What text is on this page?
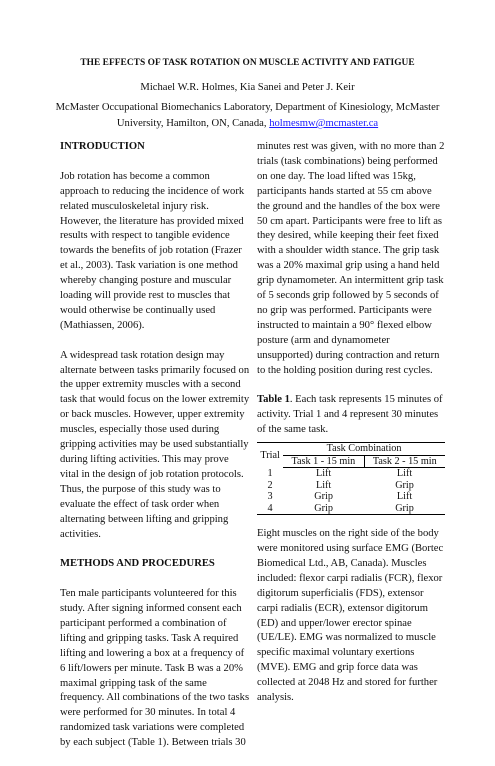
THE EFFECTS OF TASK ROTATION ON MUSCLE ACTIVITY AND FATIGUE
Michael W.R. Holmes, Kia Sanei and Peter J. Keir
McMaster Occupational Biomechanics Laboratory, Department of Kinesiology, McMaster
University, Hamilton, ON, Canada, holmesmw@mcmaster.ca
INTRODUCTION

Job rotation has become a common approach to reducing the incidence of work related musculoskeletal injury risk. However, the literature has provided mixed results with respect to tangible evidence towards the benefits of job rotation (Frazer et al., 2003). Task variation is one method whereby changing posture and muscular loading will provide rest to muscles that would otherwise be continually used (Mathiassen, 2006).

A widespread task rotation design may alternate between tasks primarily focused on the upper extremity muscles with a second task that would focus on the lower extremity or back muscles. However, upper extremity muscles, especially those used during gripping activities may be used substantially during lifting activities. This may prove vital in the design of job rotation protocols. Thus, the purpose of this study was to evaluate the effect of task order when alternating between lifting and gripping activities.

METHODS AND PROCEDURES

Ten male participants volunteered for this study. After signing informed consent each participant performed a combination of lifting and gripping tasks. Task A required lifting and lowering a box at a frequency of 6 lift/lowers per minute. Task B was a 20% maximal gripping task of the same frequency. All combinations of the two tasks were performed for 30 minutes. In total 4 randomized task variations were completed by each subject (Table 1). Between trials 30

minutes rest was given, with no more than 2 trials (task combinations) being performed on one day. The load lifted was 15kg, participants hands started at 55 cm above the ground and the handles of the box were 50 cm apart. Participants were free to lift as they desired, while keeping their feet fixed with a shoulder width stance. The grip task was a 20% maximal grip using a hand held grip dynamometer. An intermittent grip task of 5 seconds grip followed by 5 seconds of no grip was performed. Participants were instructed to maintain a 90° flexed elbow posture (arm and dynamometer unsupported) during contraction and return to the holding position during rest cycles.

Table 1. Each task represents 15 minutes of activity. Trial 1 and 4 represent 30 minutes of the same task.

Trial	Task Combination	
	Task 1 - 15 min	Task 2 - 15 min
1	Lift	Lift
2	Lift	Grip
3	Grip	Lift
4	Grip	Grip

Eight muscles on the right side of the body were monitored using surface EMG (Bortec Biomedical Ltd., AB, Canada). Muscles included: flexor carpi radialis (FCR), flexor digitorum superficialis (FDS), extensor carpi radialis (ECR), extensor digitorum (ED) and upper/lower erector spinae (UE/LE). EMG was normalized to muscle specific maximal voluntary exertions (MVE). EMG and grip force data was collected at 2048 Hz and stored for further analysis.
